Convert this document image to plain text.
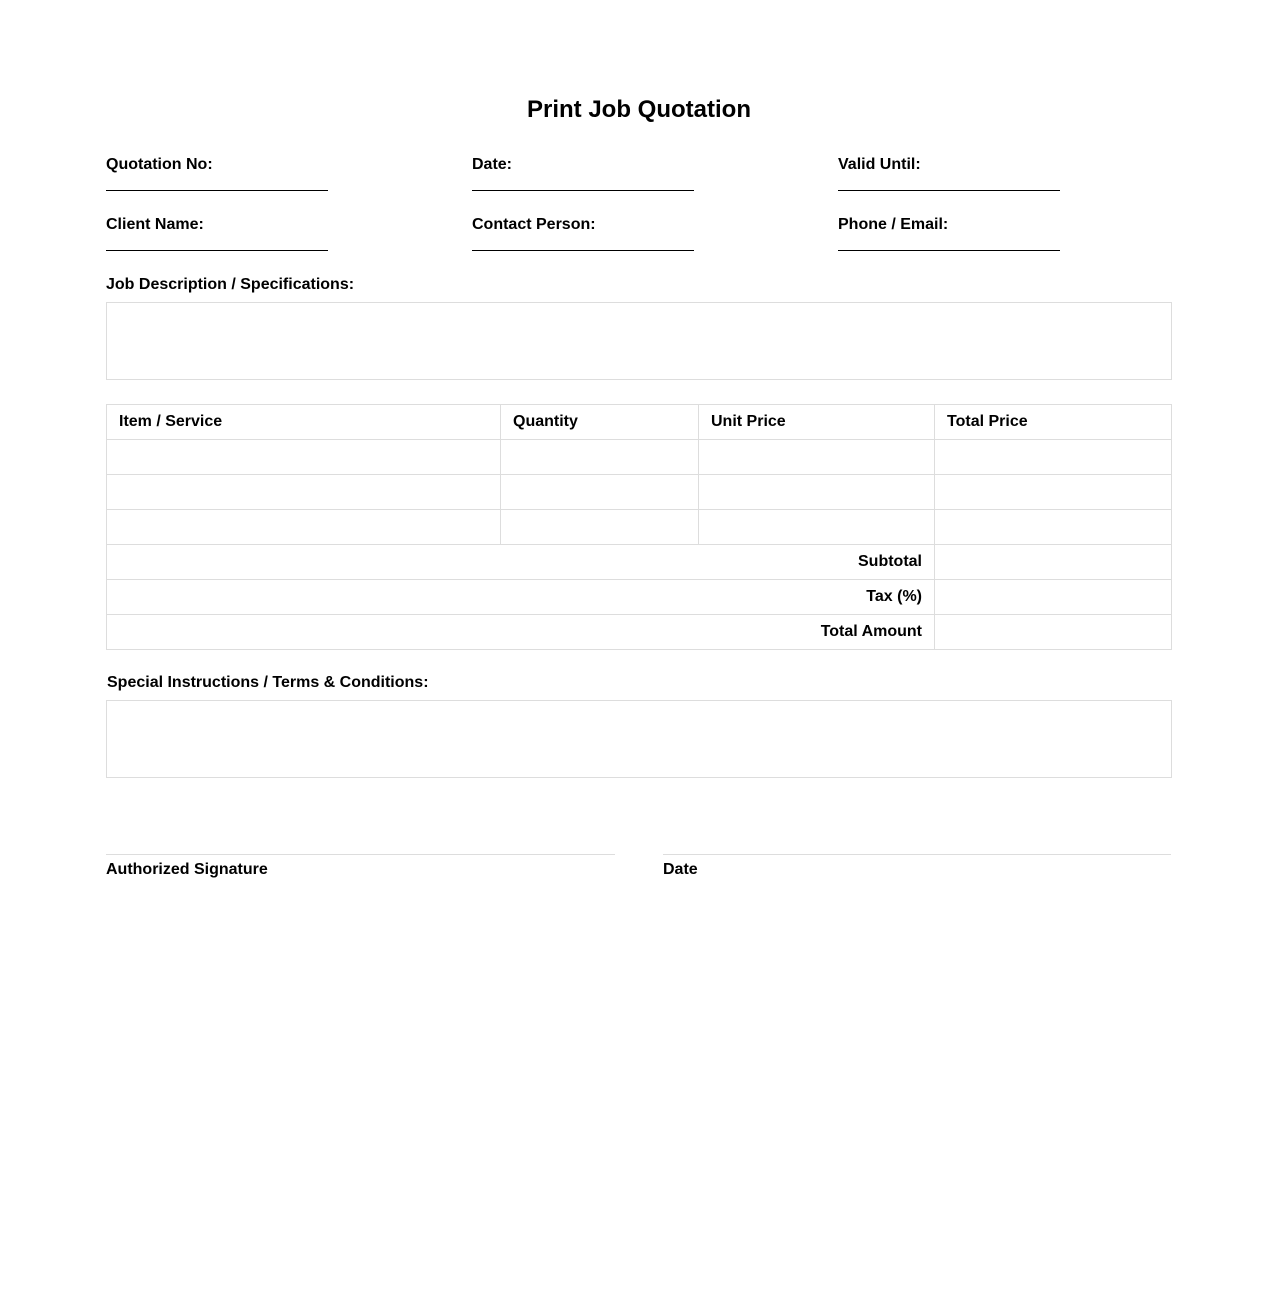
Print Job Quotation
Quotation No:	Date:	Valid Until:
Client Name:	Contact Person:	Phone / Email:
Job Description / Specifications:
Item / Service	Quantity	Unit Price	Total Price

Subtotal			
Tax (%)			
Total Amount			
Special Instructions / Terms & Conditions:
Authorized Signature	Date
